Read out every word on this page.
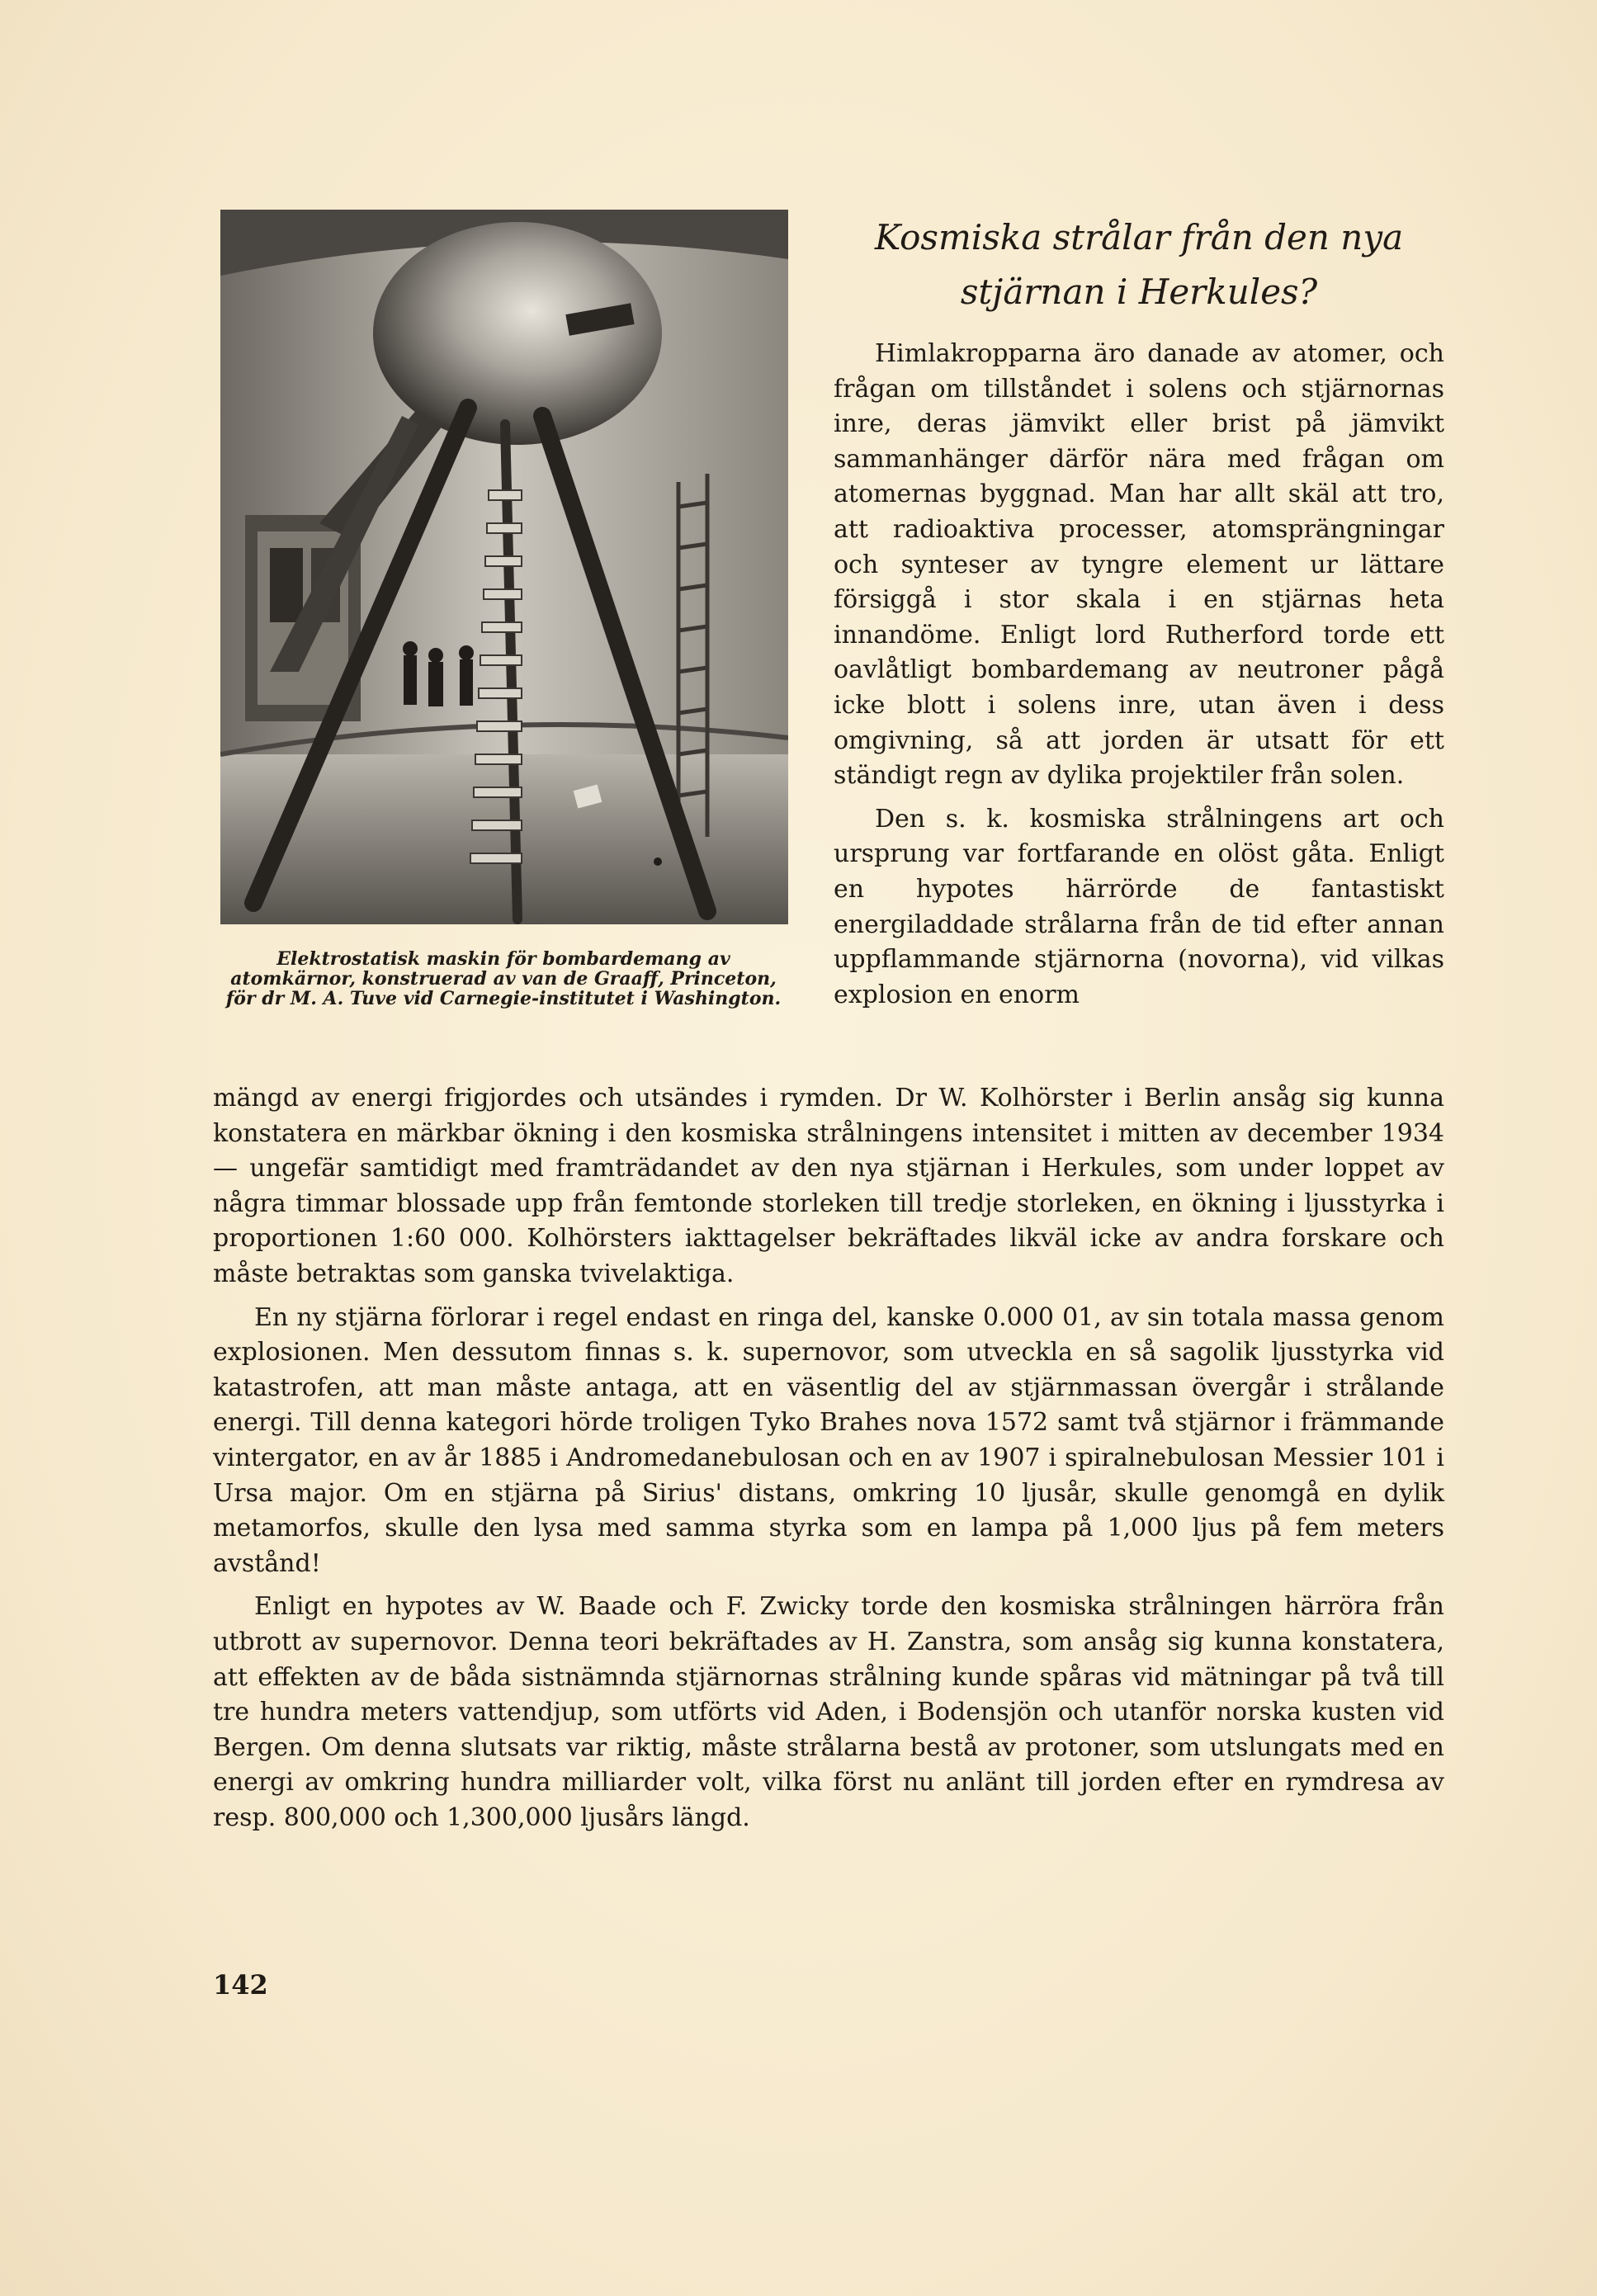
Elektrostatisk maskin för bombardemang av atomkärnor, konstruerad av van de Graaff, Princeton, för dr M. A. Tuve vid Carnegie-institutet i Washington.
Kosmiska strålar från den nya
stjärnan i Herkules?

Himlakropparna äro danade av atomer, och frågan om tillståndet i solens och stjärnornas inre, deras jämvikt eller brist på jämvikt sammanhänger därför nära med frågan om atomernas byggnad. Man har allt skäl att tro, att radioaktiva processer, atomsprängningar och synteser av tyngre element ur lättare försiggå i stor skala i en stjärnas heta innandöme. Enligt lord Rutherford torde ett oavlåtligt bombardemang av neutroner pågå icke blott i solens inre, utan även i dess omgivning, så att jorden är utsatt för ett ständigt regn av dylika projektiler från solen.

Den s. k. kosmiska strålningens art och ursprung var fortfarande en olöst gåta. Enligt en hypotes härrörde de fantastiskt energiladdade strålarna från de tid efter annan uppflammande stjärnorna (novorna), vid vilkas explosion en enorm

mängd av energi frigjordes och utsändes i rymden. Dr W. Kolhörster i Berlin ansåg sig kunna konstatera en märkbar ökning i den kosmiska strålningens intensitet i mitten av december 1934 — ungefär samtidigt med framträdandet av den nya stjärnan i Herkules, som under loppet av några timmar blossade upp från femtonde storleken till tredje storleken, en ökning i ljusstyrka i proportionen 1:60 000. Kolhörsters iakttagelser bekräftades likväl icke av andra forskare och måste betraktas som ganska tvivelaktiga.

En ny stjärna förlorar i regel endast en ringa del, kanske 0.000 01, av sin totala massa genom explosionen. Men dessutom finnas s. k. supernovor, som utveckla en så sagolik ljusstyrka vid katastrofen, att man måste antaga, att en väsentlig del av stjärnmassan övergår i strålande energi. Till denna kategori hörde troligen Tyko Brahes nova 1572 samt två stjärnor i främmande vintergator, en av år 1885 i Andromedanebulosan och en av 1907 i spiralnebulosan Messier 101 i Ursa major. Om en stjärna på Sirius' distans, omkring 10 ljusår, skulle genomgå en dylik metamorfos, skulle den lysa med samma styrka som en lampa på 1,000 ljus på fem meters avstånd!

Enligt en hypotes av W. Baade och F. Zwicky torde den kosmiska strålningen härröra från utbrott av supernovor. Denna teori bekräftades av H. Zanstra, som ansåg sig kunna konstatera, att effekten av de båda sistnämnda stjärnornas strålning kunde spåras vid mätningar på två till tre hundra meters vattendjup, som utförts vid Aden, i Bodensjön och utanför norska kusten vid Bergen. Om denna slutsats var riktig, måste strålarna bestå av protoner, som utslungats med en energi av omkring hundra milliarder volt, vilka först nu anlänt till jorden efter en rymdresa av resp. 800,000 och 1,300,000 ljusårs längd.

142
